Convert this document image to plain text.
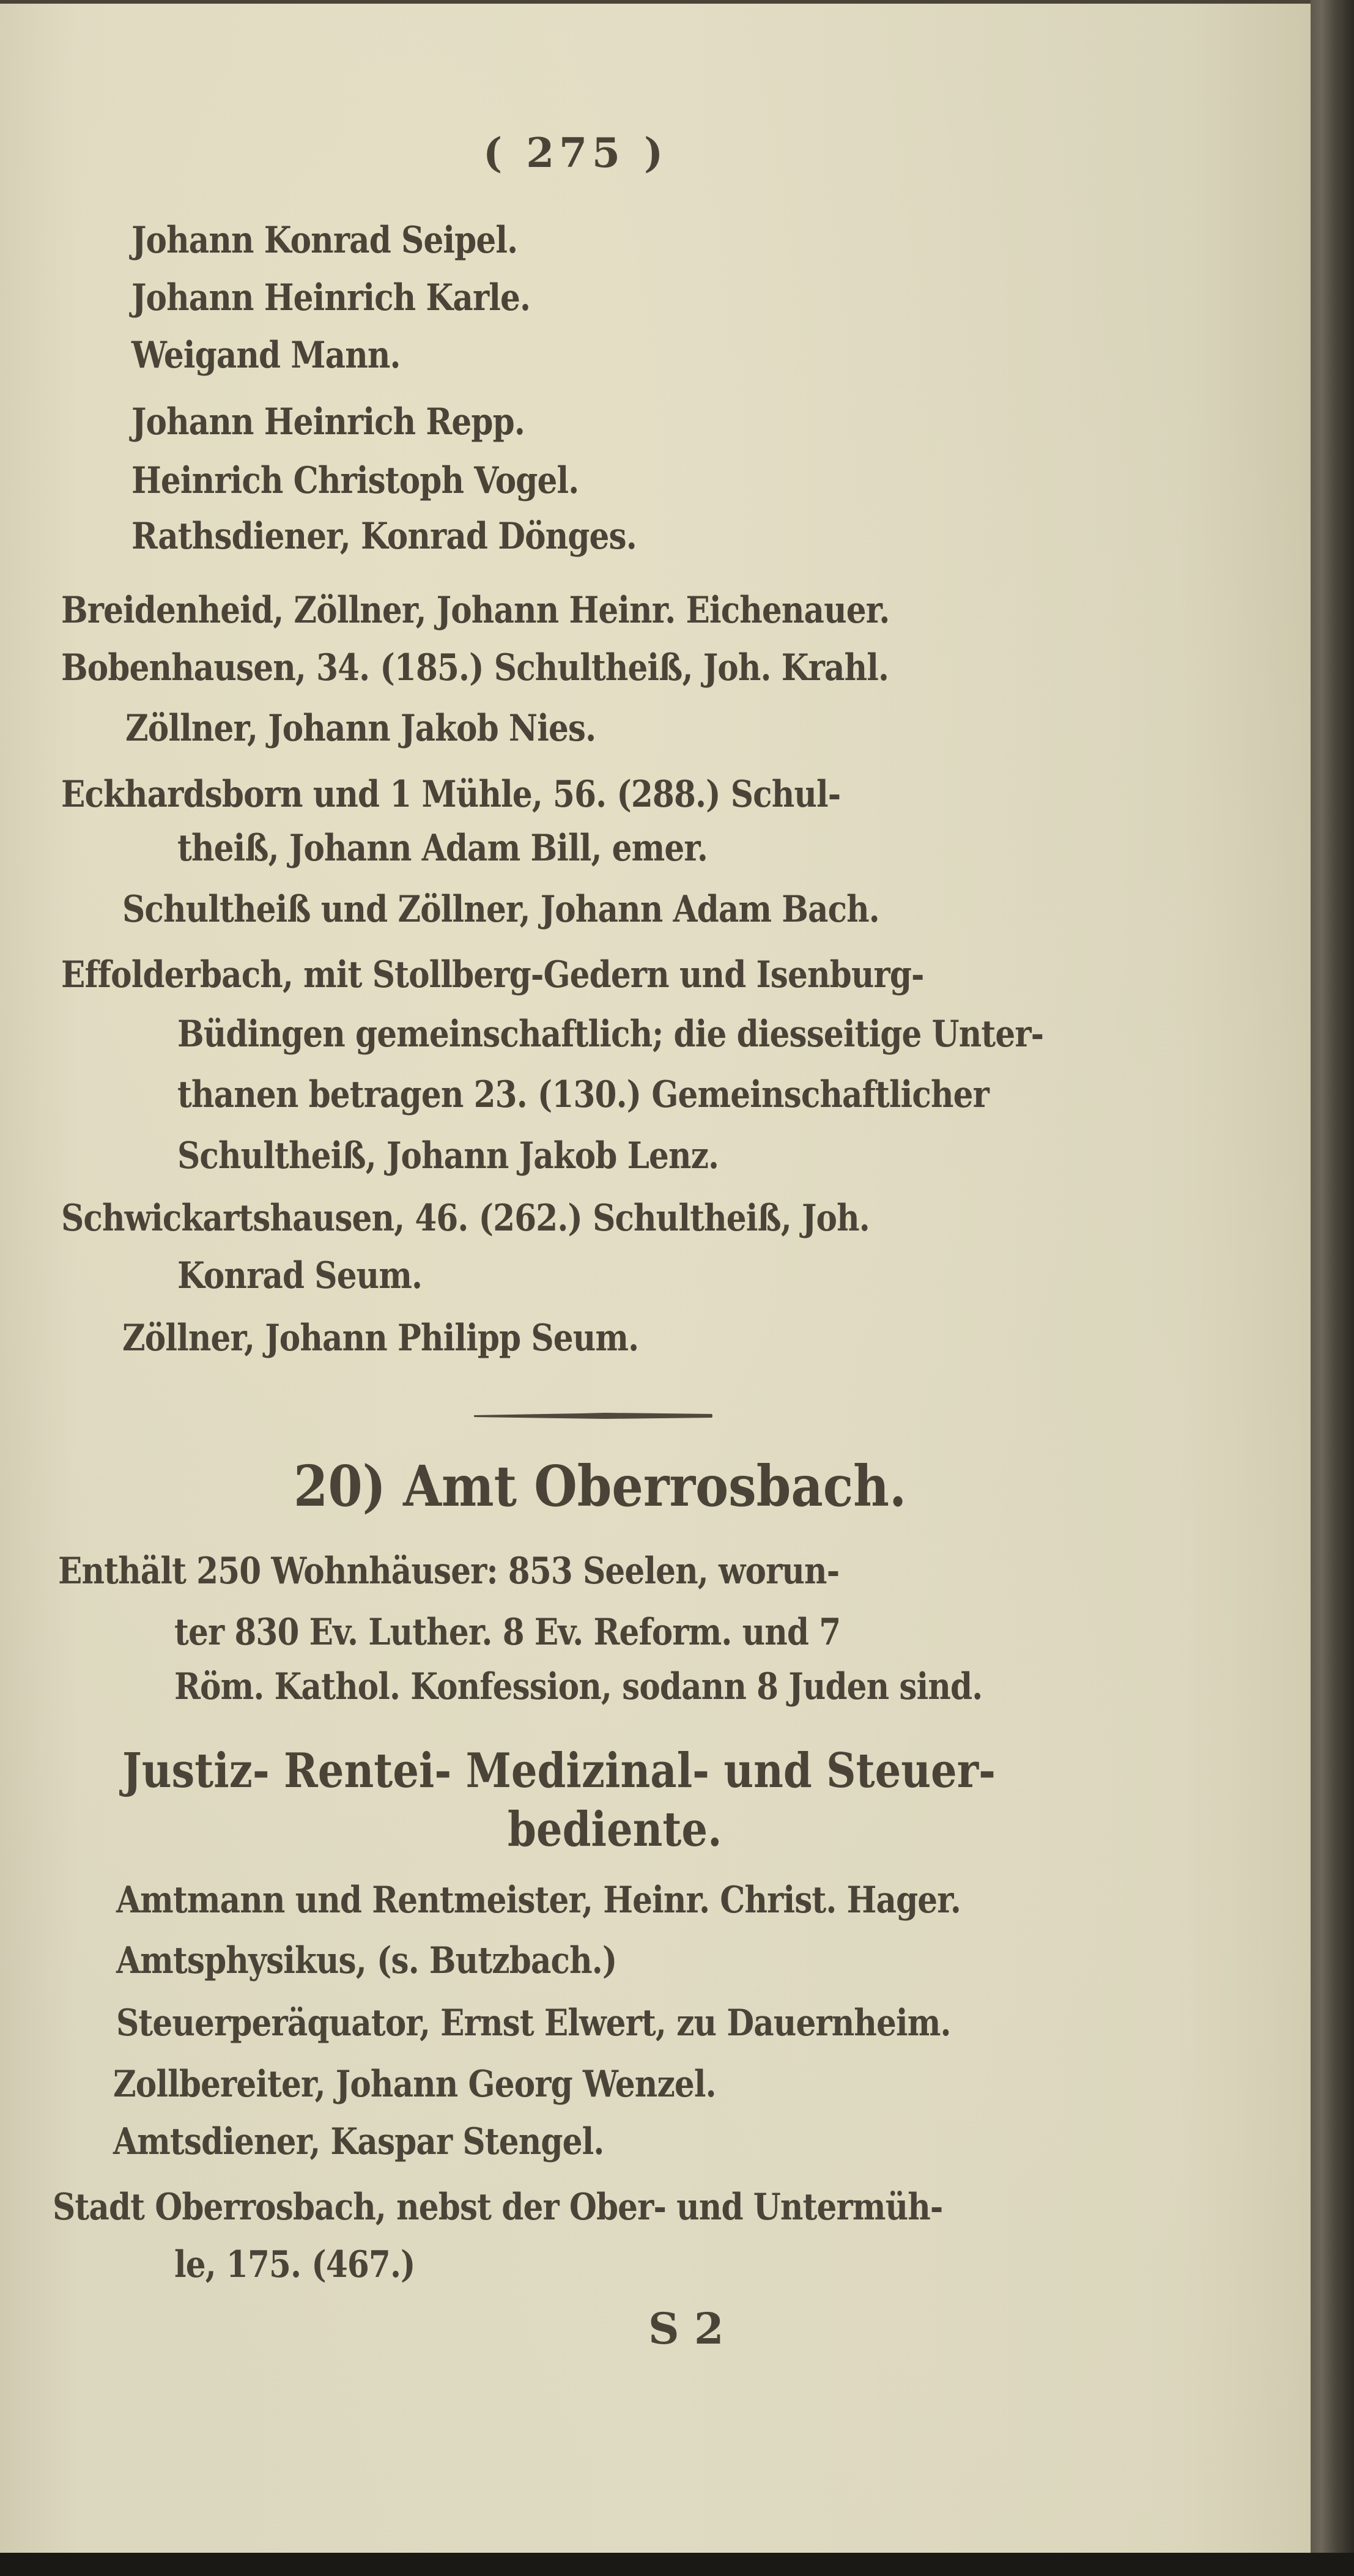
( 275 )
Johann Konrad Seipel.
Johann Heinrich Karle.
Weigand Mann.
Johann Heinrich Repp.
Heinrich Christoph Vogel.
Rathsdiener, Konrad Dönges.
Breidenheid, Zöllner, Johann Heinr. Eichenauer.
Bobenhausen, 34. (185.) Schultheiß, Joh. Krahl.
Zöllner, Johann Jakob Nies.
Eckhardsborn und 1 Mühle, 56. (288.) Schul-
theiß, Johann Adam Bill, emer.
Schultheiß und Zöllner, Johann Adam Bach.
Effolderbach, mit Stollberg-Gedern und Isenburg-
Büdingen gemeinschaftlich; die diesseitige Unter-
thanen betragen 23. (130.) Gemeinschaftlicher
Schultheiß, Johann Jakob Lenz.
Schwickartshausen, 46. (262.) Schultheiß, Joh.
Konrad Seum.
Zöllner, Johann Philipp Seum.
20) Amt Oberrosbach.
Enthält 250 Wohnhäuser: 853 Seelen, worun-
ter 830 Ev. Luther. 8 Ev. Reform. und 7
Röm. Kathol. Konfession, sodann 8 Juden sind.
Justiz- Rentei- Medizinal- und Steuer-
bediente.
Amtmann und Rentmeister, Heinr. Christ. Hager.
Amtsphysikus, (s. Butzbach.)
Steuerperäquator, Ernst Elwert, zu Dauernheim.
Zollbereiter, Johann Georg Wenzel.
Amtsdiener, Kaspar Stengel.
Stadt Oberrosbach, nebst der Ober- und Untermüh-
le, 175. (467.)
S 2
